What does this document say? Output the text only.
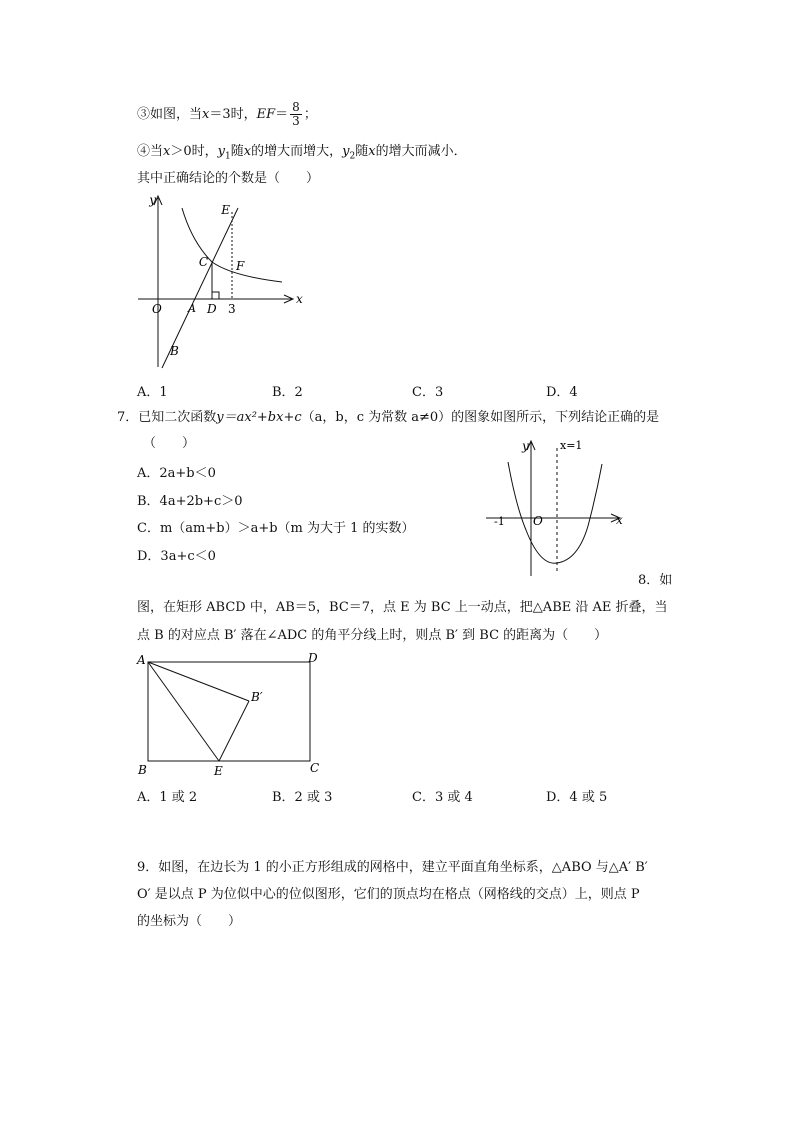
③如图，当x＝3时，$EF= \frac{8}{3}$ ；
④当x＞0时，$y_1$随x的增大而增大，$y_2$随x的增大而减小．
其中正确结论的个数是（　　）
y
x
E
C F
O A D 3
B
A．1	B．2	C．3	D．4
7．已知二次函数y＝ax²+bx+c（a，b，c 为常数 a≠0）的图象如图所示，下列结论正确的是
（　　）
A．2a+b＜0
B．4a+2b+c＞0
C．m（am+b）＞a+b（m 为大于 1 的实数）
D．3a+c＜0
y	x=1
x
-1 O
8．如
图，在矩形 ABCD 中，AB＝5，BC＝7，点 E 为 BC 上一动点，把△ABE 沿 AE 折叠，当
点 B 的对应点 B′ 落在∠ADC 的角平分线上时，则点 B′ 到 BC 的距离为（　　）
A	D
B′
B	E	C
A．1 或 2	B．2 或 3	C．3 或 4	D．4 或 5
9．如图，在边长为 1 的小正方形组成的网格中，建立平面直角坐标系，△ABO 与△A′ B′
O′ 是以点 P 为位似中心的位似图形，它们的顶点均在格点（网格线的交点）上，则点 P
的坐标为（　　）
